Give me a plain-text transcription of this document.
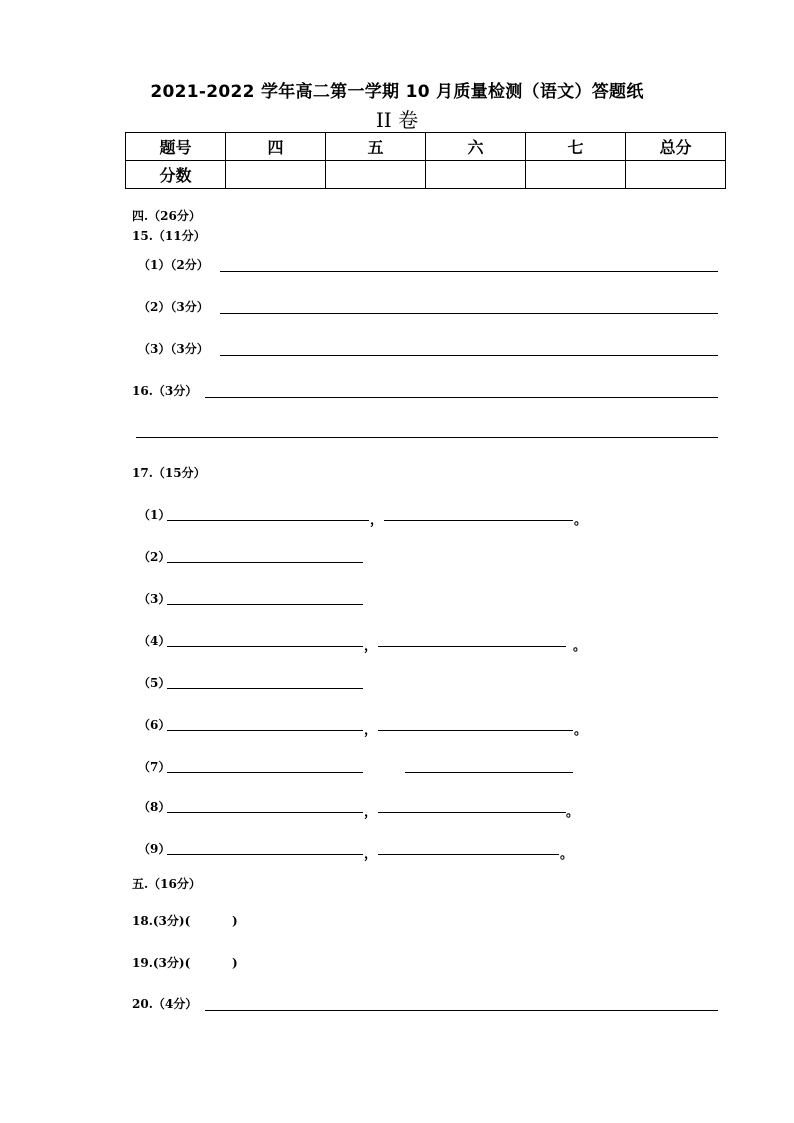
2021-2022 学年高二第一学期 10 月质量检测（语文）答题纸
II 卷
题号	四	五	六	七	总分
分数					
四.（26分）
15.（11分）
（1）（2分）
（2）（3分）
（3）（3分）
16.（3分）
17.（15分）
（1）	，	。
（2）
（3）
（4）	，	。
（5）
（6）	，	。
（7）
（8）	，	。
（9）	，	。
五.（16分）
18.(3分)(          )
19.(3分)(          )
20.（4分）
